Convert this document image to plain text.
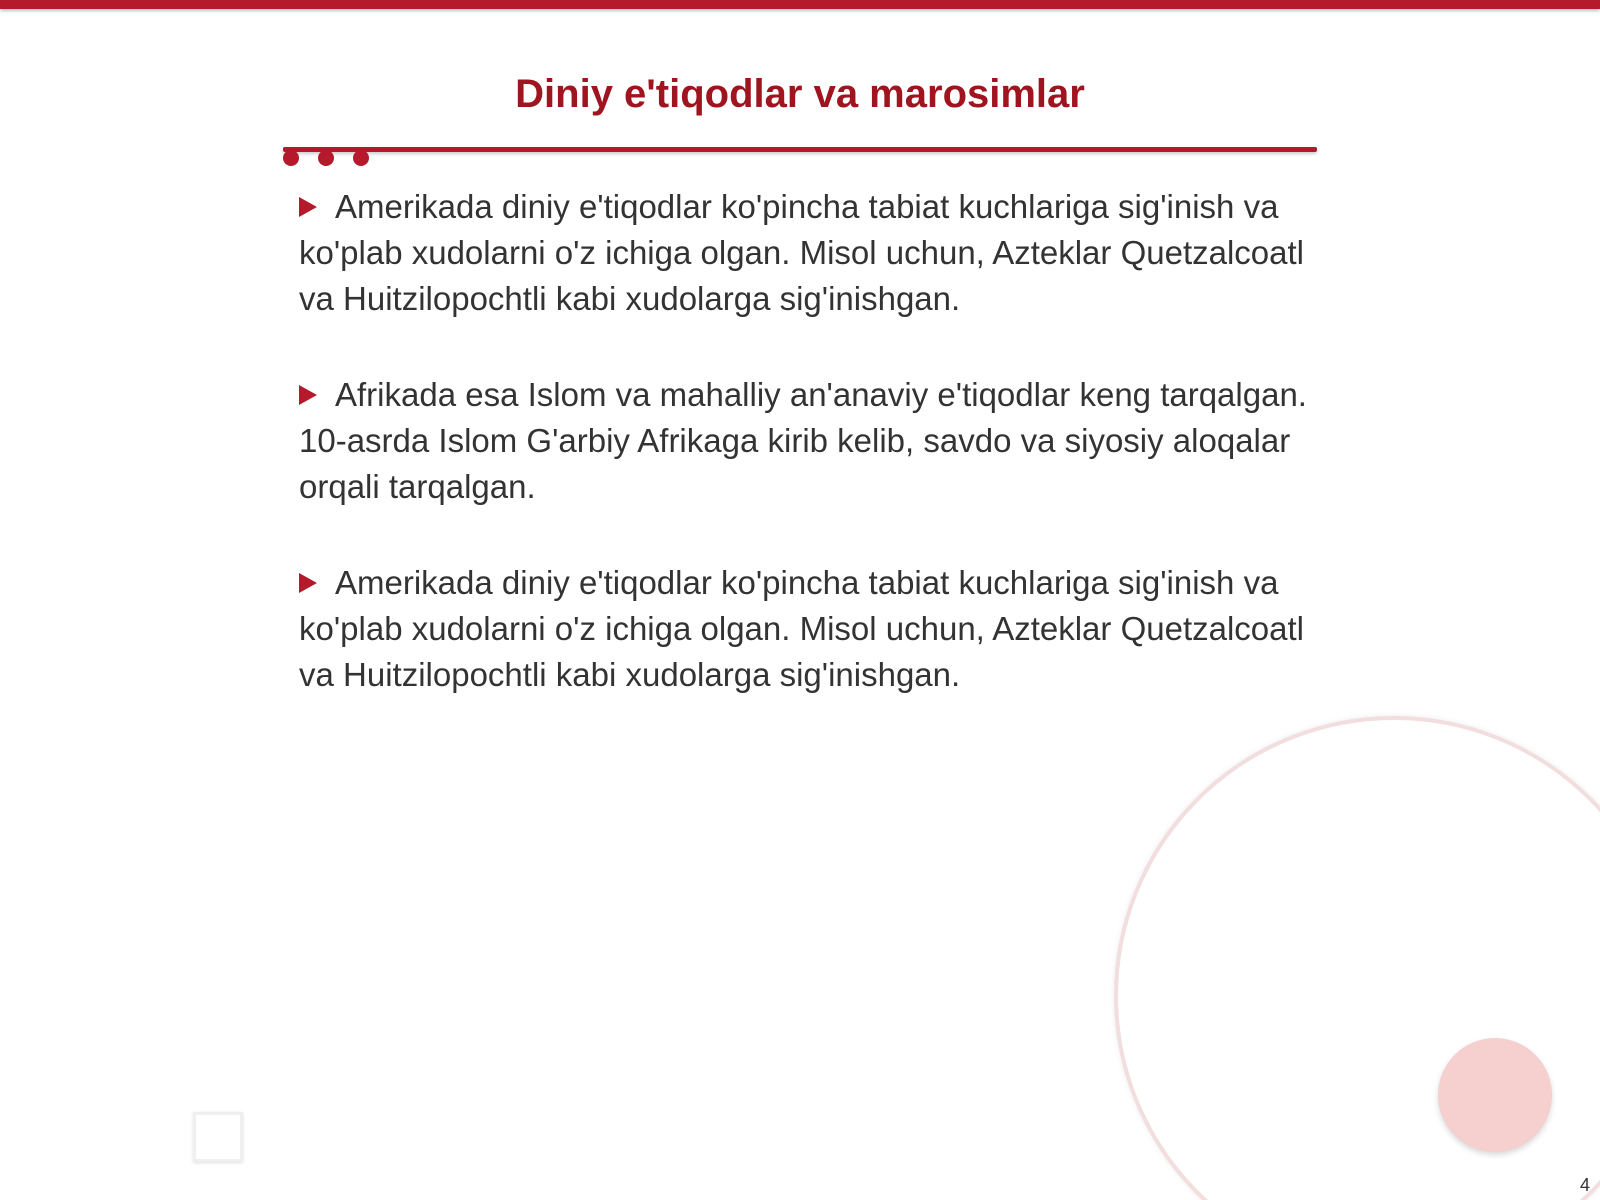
Diniy e'tiqodlar va marosimlar
Amerikada diniy e'tiqodlar ko'pincha tabiat kuchlariga sig'inish va ko'plab xudolarni o'z ichiga olgan. Misol uchun, Azteklar Quetzalcoatl va Huitzilopochtli kabi xudolarga sig'inishgan.
Afrikada esa Islom va mahalliy an'anaviy e'tiqodlar keng tarqalgan. 10-asrda Islom G'arbiy Afrikaga kirib kelib, savdo va siyosiy aloqalar orqali tarqalgan.
Amerikada diniy e'tiqodlar ko'pincha tabiat kuchlariga sig'inish va ko'plab xudolarni o'z ichiga olgan. Misol uchun, Azteklar Quetzalcoatl va Huitzilopochtli kabi xudolarga sig'inishgan.
4
